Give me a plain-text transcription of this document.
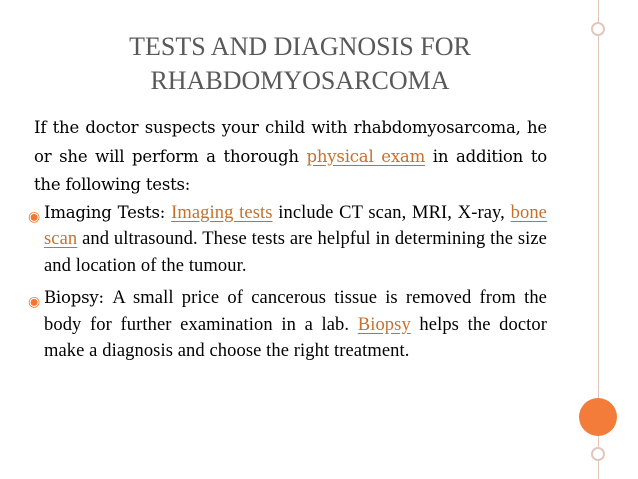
TESTS AND DIAGNOSIS FOR
RHABDOMYOSARCOMA

If the doctor suspects your child with rhabdomyosarcoma, he or she will perform a thorough physical exam in addition to the following tests:

◉ Imaging Tests: Imaging tests include CT scan, MRI, X-ray, bone scan and ultrasound. These tests are helpful in determining the size and location of the tumour.

◉ Biopsy: A small price of cancerous tissue is removed from the body for further examination in a lab. Biopsy helps the doctor make a diagnosis and choose the right treatment.
